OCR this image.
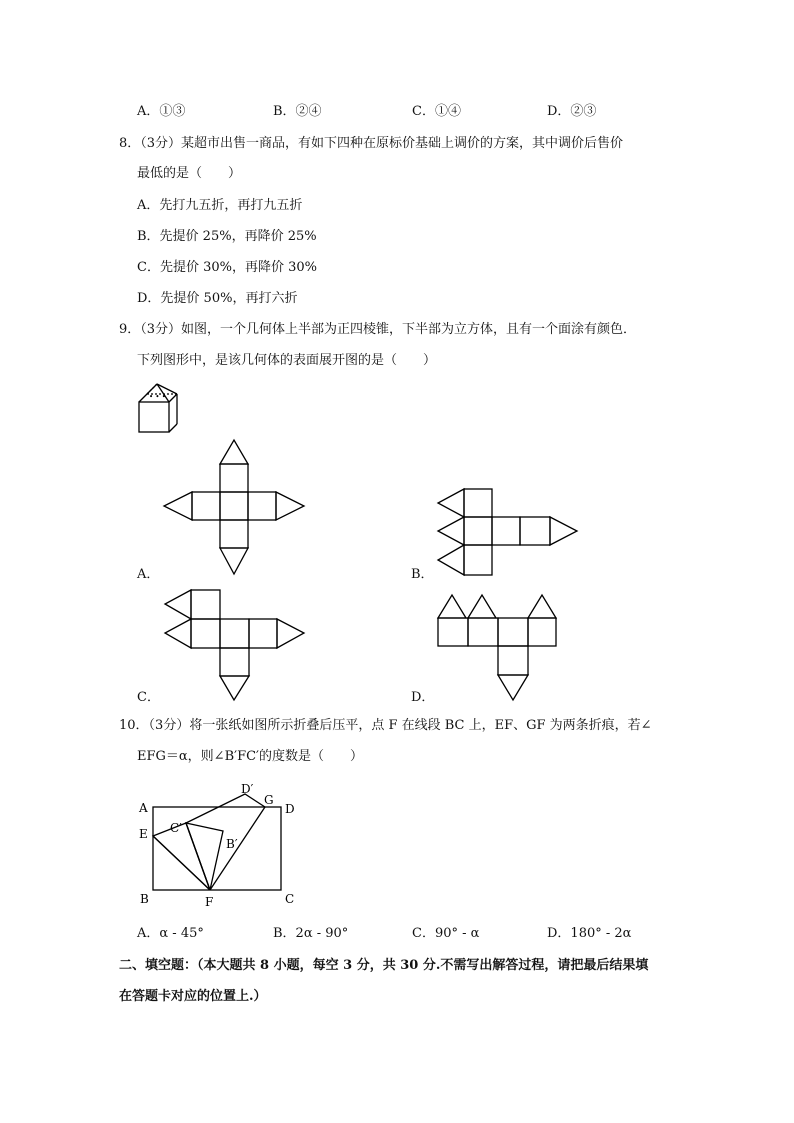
A．①③	B．②④	C．①④	D．②③
8．（3分）某超市出售一商品，有如下四种在原标价基础上调价的方案，其中调价后售价
最低的是（　　）
A．先打九五折，再打九五折
B．先提价 25%，再降价 25%
C．先提价 30%，再降价 30%
D．先提价 50%，再打六折
9．（3分）如图，一个几何体上半部为正四棱锥，下半部为立方体，且有一个面涂有颜色．
下列图形中，是该几何体的表面展开图的是（　　）
• • •
A．	B．
C．	D．
10．（3分）将一张纸如图所示折叠后压平，点 F 在线段 BC 上，EF、GF 为两条折痕，若∠
EFG＝α，则∠B′FC′的度数是（　　）
A
D′
G
D
E C′
B′
B	F	C
A．α - 45°	B．2α - 90°	C．90° - α	D．180° - 2α
二、填空题：（本大题共 8 小题，每空 3 分，共 30 分.不需写出解答过程，请把最后结果填
在答题卡对应的位置上.）
